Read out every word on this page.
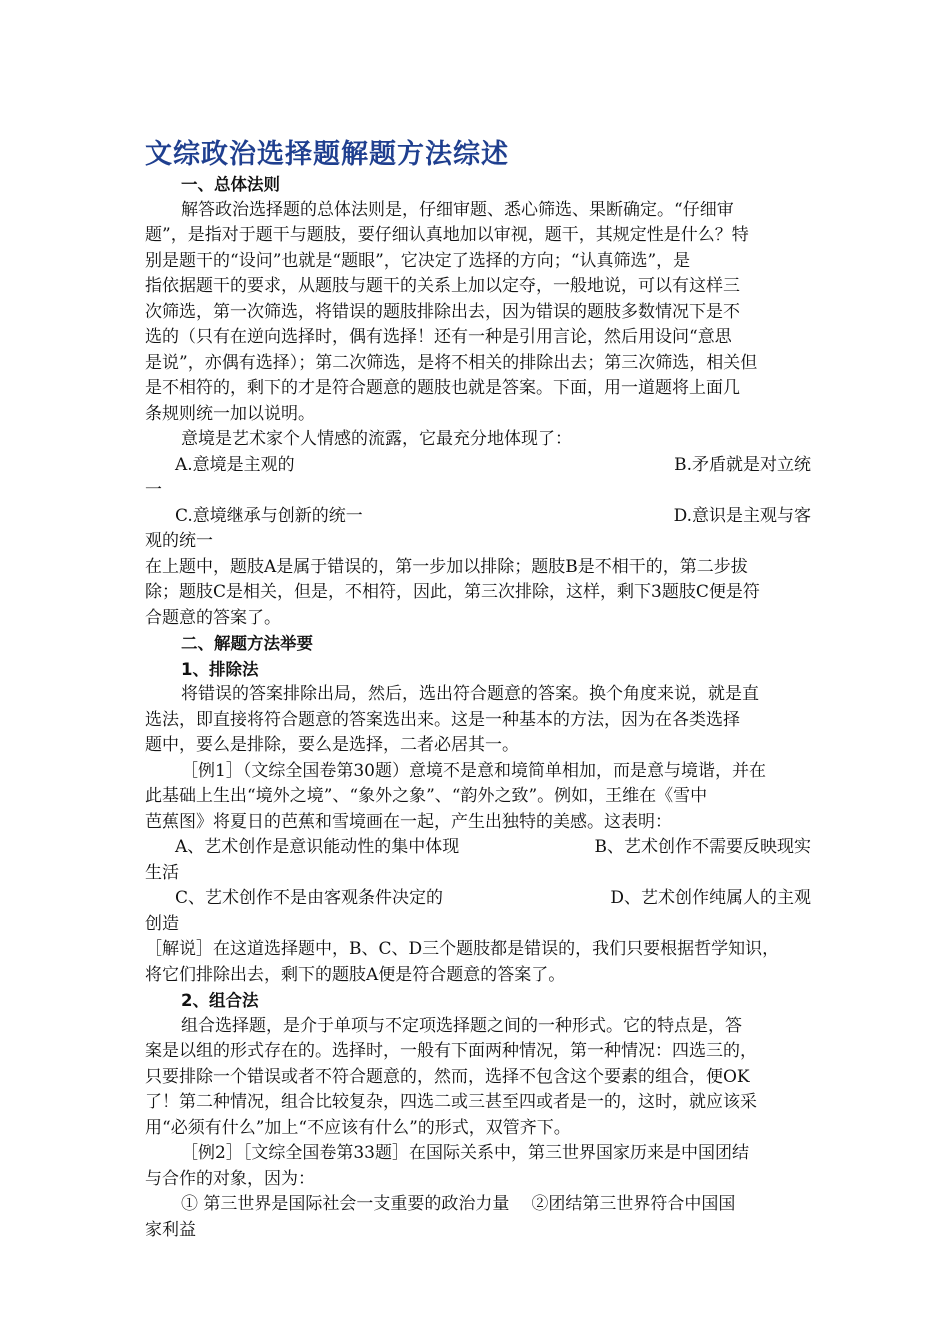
文综政治选择题解题方法综述
一、总体法则
解答政治选择题的总体法则是，仔细审题、悉心筛选、果断确定。“仔细审
题”，是指对于题干与题肢，要仔细认真地加以审视，题干，其规定性是什么？特
别是题干的“设问”也就是“题眼”，它决定了选择的方向；“认真筛选”，是
指依据题干的要求，从题肢与题干的关系上加以定夺，一般地说，可以有这样三
次筛选，第一次筛选，将错误的题肢排除出去，因为错误的题肢多数情况下是不
选的（只有在逆向选择时，偶有选择！还有一种是引用言论，然后用设问“意思
是说”，亦偶有选择）；第二次筛选，是将不相关的排除出去；第三次筛选，相关但
是不相符的，剩下的才是符合题意的题肢也就是答案。下面，用一道题将上面几
条规则统一加以说明。
意境是艺术家个人情感的流露，它最充分地体现了：
A.意境是主观的	B.矛盾就是对立统
一
C.意境继承与创新的统一	D.意识是主观与客
观的统一
在上题中，题肢A是属于错误的，第一步加以排除；题肢B是不相干的，第二步拔
除；题肢C是相关，但是，不相符，因此，第三次排除，这样，剩下3题肢C便是符
合题意的答案了。
二、解题方法举要
1、排除法
将错误的答案排除出局，然后，选出符合题意的答案。换个角度来说，就是直
选法，即直接将符合题意的答案选出来。这是一种基本的方法，因为在各类选择
题中，要么是排除，要么是选择，二者必居其一。
［例1］（文综全国卷第30题）意境不是意和境简单相加，而是意与境谐，并在
此基础上生出“境外之境”、“象外之象”、“韵外之致”。例如，王维在《雪中
芭蕉图》将夏日的芭蕉和雪境画在一起，产生出独特的美感。这表明：
A、艺术创作是意识能动性的集中体现	B、艺术创作不需要反映现实
生活
C、艺术创作不是由客观条件决定的	D、艺术创作纯属人的主观
创造
［解说］在这道选择题中，B、C、D三个题肢都是错误的，我们只要根据哲学知识，
将它们排除出去，剩下的题肢A便是符合题意的答案了。
2、组合法
组合选择题，是介于单项与不定项选择题之间的一种形式。它的特点是，答
案是以组的形式存在的。选择时，一般有下面两种情况，第一种情况：四选三的，
只要排除一个错误或者不符合题意的，然而，选择不包含这个要素的组合，便OK
了！第二种情况，组合比较复杂，四选二或三甚至四或者是一的，这时，就应该采
用“必须有什么”加上“不应该有什么”的形式，双管齐下。
［例2］［文综全国卷第33题］在国际关系中，第三世界国家历来是中国团结
与合作的对象，因为：
① 第三世界是国际社会一支重要的政治力量 ②团结第三世界符合中国国
家利益
